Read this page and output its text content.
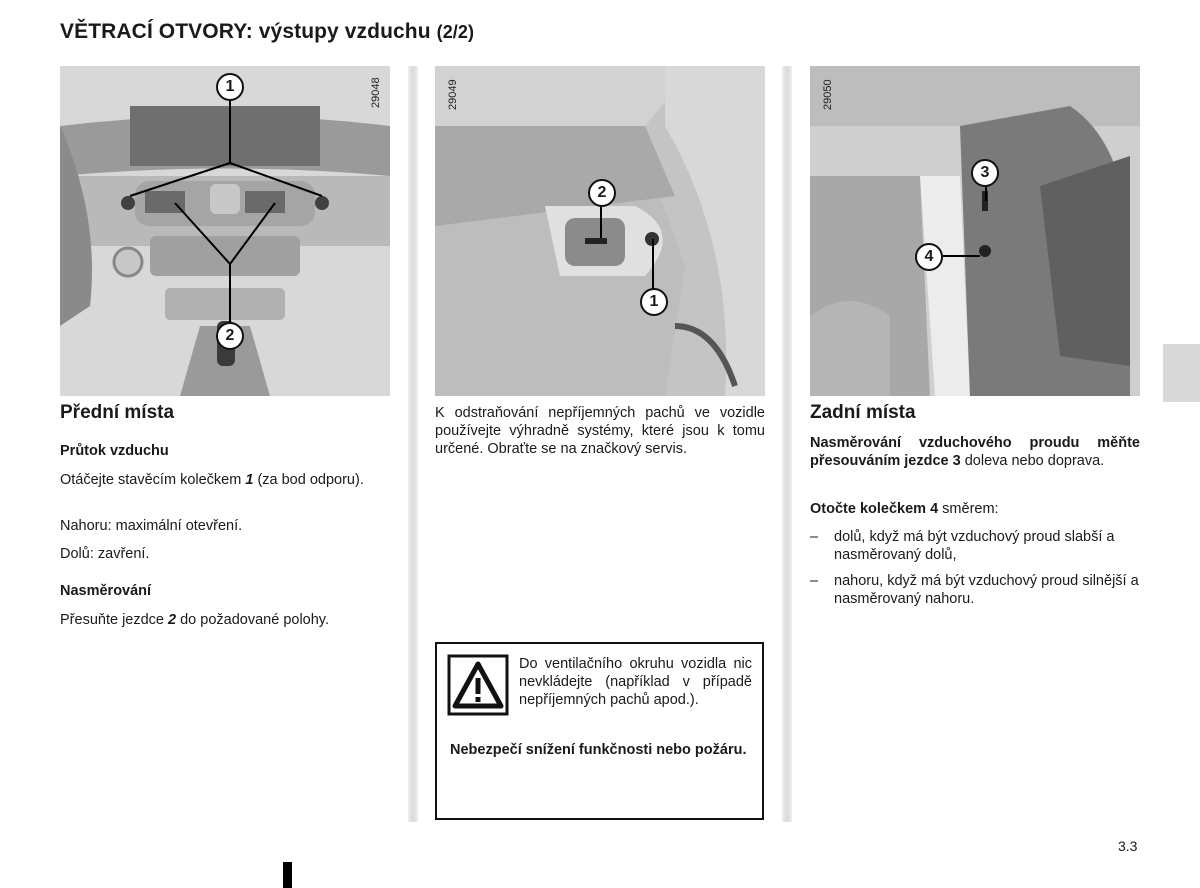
VĚTRACÍ OTVORY: výstupy vzduchu (2/2)
1
2
29048
2
1
29049
3
4
29050
Přední místa
Průtok vzduchu
Otáčejte stavěcím kolečkem 1 (za bod odporu).
Nahoru: maximální otevření.
Dolů: zavření.
Nasměrování
Přesuňte jezdce 2 do požadované polohy.
K odstraňování nepříjemných pachů ve vozidle používejte výhradně systémy, které jsou k tomu určené. Obraťte se na značkový servis.
Do ventilačního okruhu vozidla nic nevkládejte (například v případě nepříjemných pachů apod.).
Nebezpečí snížení funkčnosti nebo požáru.
Zadní místa
Nasměrování vzduchového proudu měňte přesouváním jezdce 3 doleva nebo doprava.
Otočte kolečkem 4 směrem:
– dolů, když má být vzduchový proud slabší a nasměrovaný dolů,
– nahoru, když má být vzduchový proud silnější a nasměrovaný nahoru.
3.3
